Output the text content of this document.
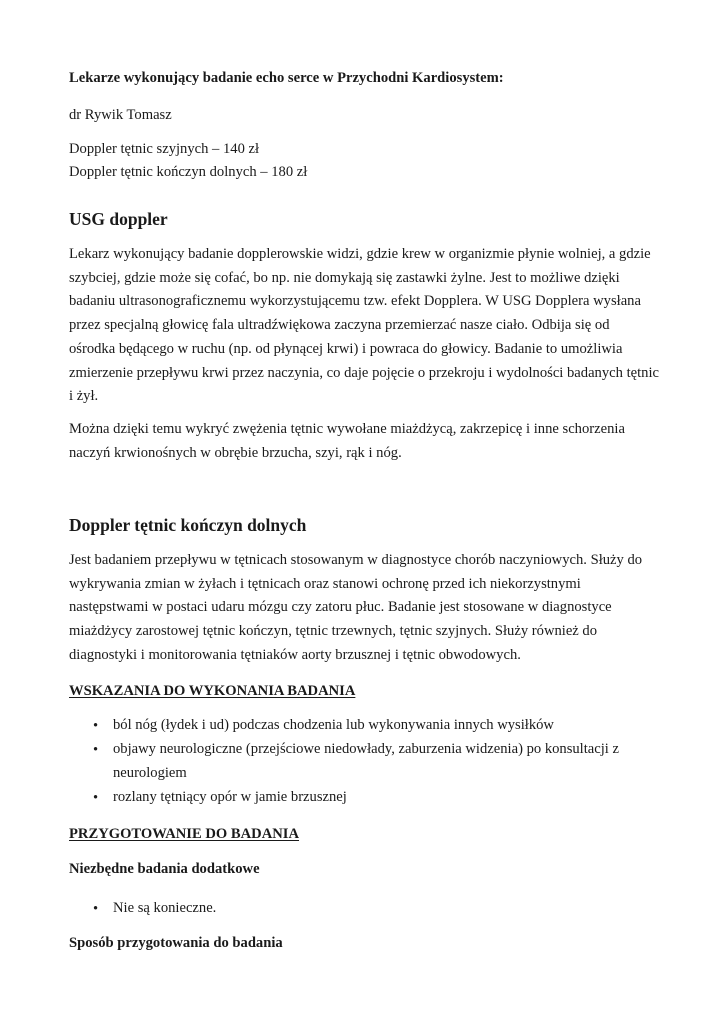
Lekarze wykonujący badanie echo serce w Przychodni Kardiosystem:
dr Rywik Tomasz
Doppler tętnic szyjnych – 140 zł
Doppler tętnic kończyn dolnych – 180 zł
USG doppler
Lekarz wykonujący badanie dopplerowskie widzi, gdzie krew w organizmie płynie wolniej, a gdzie szybciej, gdzie może się cofać, bo np. nie domykają się zastawki żylne. Jest to możliwe dzięki badaniu ultrasonograficznemu wykorzystującemu tzw. efekt Dopplera. W USG Dopplera wysłana przez specjalną głowicę fala ultradźwiękowa zaczyna przemierzać nasze ciało. Odbija się od ośrodka będącego w ruchu (np. od płynącej krwi) i powraca do głowicy. Badanie to umożliwia zmierzenie przepływu krwi przez naczynia, co daje pojęcie o przekroju i wydolności badanych tętnic i żył.
Można dzięki temu wykryć zwężenia tętnic wywołane miażdżycą, zakrzepicę i inne schorzenia naczyń krwionośnych w obrębie brzucha, szyi, rąk i nóg.
Doppler tętnic kończyn dolnych
Jest badaniem przepływu w tętnicach stosowanym w diagnostyce chorób naczyniowych. Służy do wykrywania zmian w żyłach i tętnicach oraz stanowi ochronę przed ich niekorzystnymi następstwami w postaci udaru mózgu czy zatoru płuc. Badanie jest stosowane w diagnostyce miażdżycy zarostowej tętnic kończyn, tętnic trzewnych, tętnic szyjnych. Służy również do diagnostyki i monitorowania tętniaków aorty brzusznej i tętnic obwodowych.
WSKAZANIA DO WYKONANIA BADANIA
• ból nóg (łydek i ud) podczas chodzenia lub wykonywania innych wysiłków
• objawy neurologiczne (przejściowe niedowłady, zaburzenia widzenia) po konsultacji z neurologiem
• rozlany tętniący opór w jamie brzusznej
PRZYGOTOWANIE DO BADANIA
Niezbędne badania dodatkowe
• Nie są konieczne.
Sposób przygotowania do badania
